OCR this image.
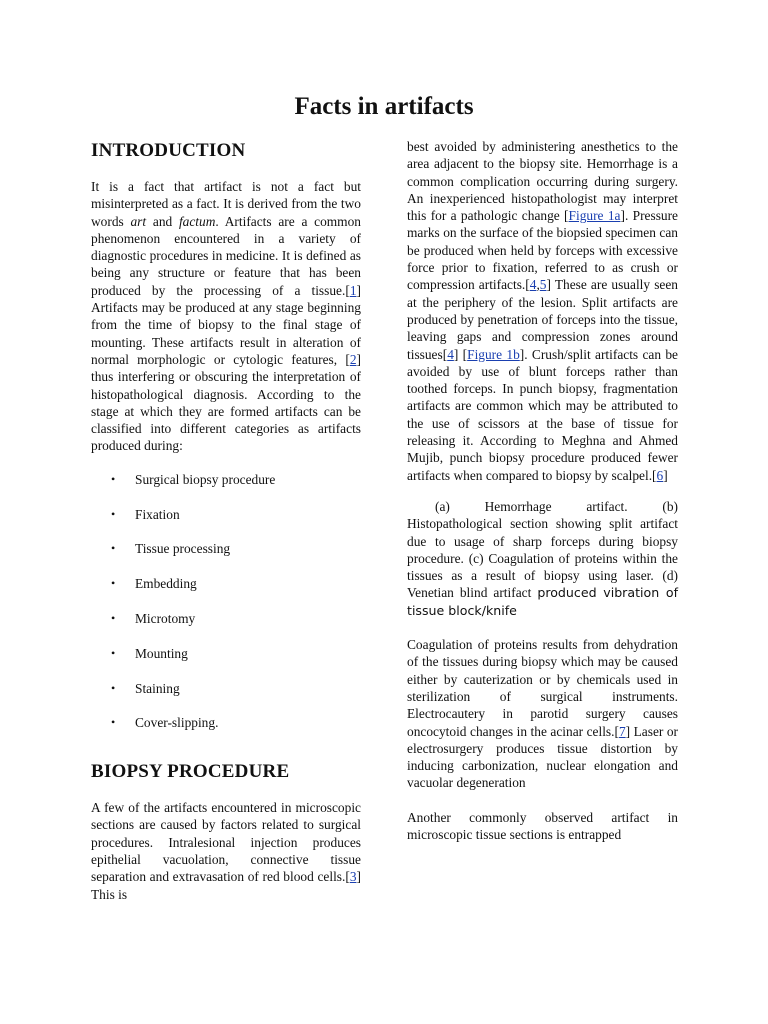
Facts in artifacts
INTRODUCTION

It is a fact that artifact is not a fact but misinterpreted as a fact. It is derived from the two words art and factum. Artifacts are a common phenomenon encountered in a variety of diagnostic procedures in medicine. It is defined as being any structure or feature that has been produced by the processing of a tissue.[1] Artifacts may be produced at any stage beginning from the time of biopsy to the final stage of mounting. These artifacts result in alteration of normal morphologic or cytologic features, [2] thus interfering or obscuring the interpretation of histopathological diagnosis. According to the stage at which they are formed artifacts can be classified into different categories as artifacts produced during:

• Surgical biopsy procedure
• Fixation
• Tissue processing
• Embedding
• Microtomy
• Mounting
• Staining
• Cover-slipping.
BIOPSY PROCEDURE

A few of the artifacts encountered in microscopic sections are caused by factors related to surgical procedures. Intralesional injection produces epithelial vacuolation, connective tissue separation and extravasation of red blood cells.[3] This is

best avoided by administering anesthetics to the area adjacent to the biopsy site. Hemorrhage is a common complication occurring during surgery. An inexperienced histopathologist may interpret this for a pathologic change [Figure 1a]. Pressure marks on the surface of the biopsied specimen can be produced when held by forceps with excessive force prior to fixation, referred to as crush or compression artifacts.[4,5] These are usually seen at the periphery of the lesion. Split artifacts are produced by penetration of forceps into the tissue, leaving gaps and compression zones around tissues[4] [Figure 1b]. Crush/split artifacts can be avoided by use of blunt forceps rather than toothed forceps. In punch biopsy, fragmentation artifacts are common which may be attributed to the use of scissors at the base of tissue for releasing it. According to Meghna and Ahmed Mujib, punch biopsy procedure produced fewer artifacts when compared to biopsy by scalpel.[6]

(a) Hemorrhage artifact. (b) Histopathological section showing split artifact due to usage of sharp forceps during biopsy procedure. (c) Coagulation of proteins within the tissues as a result of biopsy using laser. (d) Venetian blind artifact produced vibration of tissue block/knife

Coagulation of proteins results from dehydration of the tissues during biopsy which may be caused either by cauterization or by chemicals used in sterilization of surgical instruments. Electrocautery in parotid surgery causes oncocytoid changes in the acinar cells.[7] Laser or electrosurgery produces tissue distortion by inducing carbonization, nuclear elongation and vacuolar degeneration

Another commonly observed artifact in microscopic tissue sections is entrapped
